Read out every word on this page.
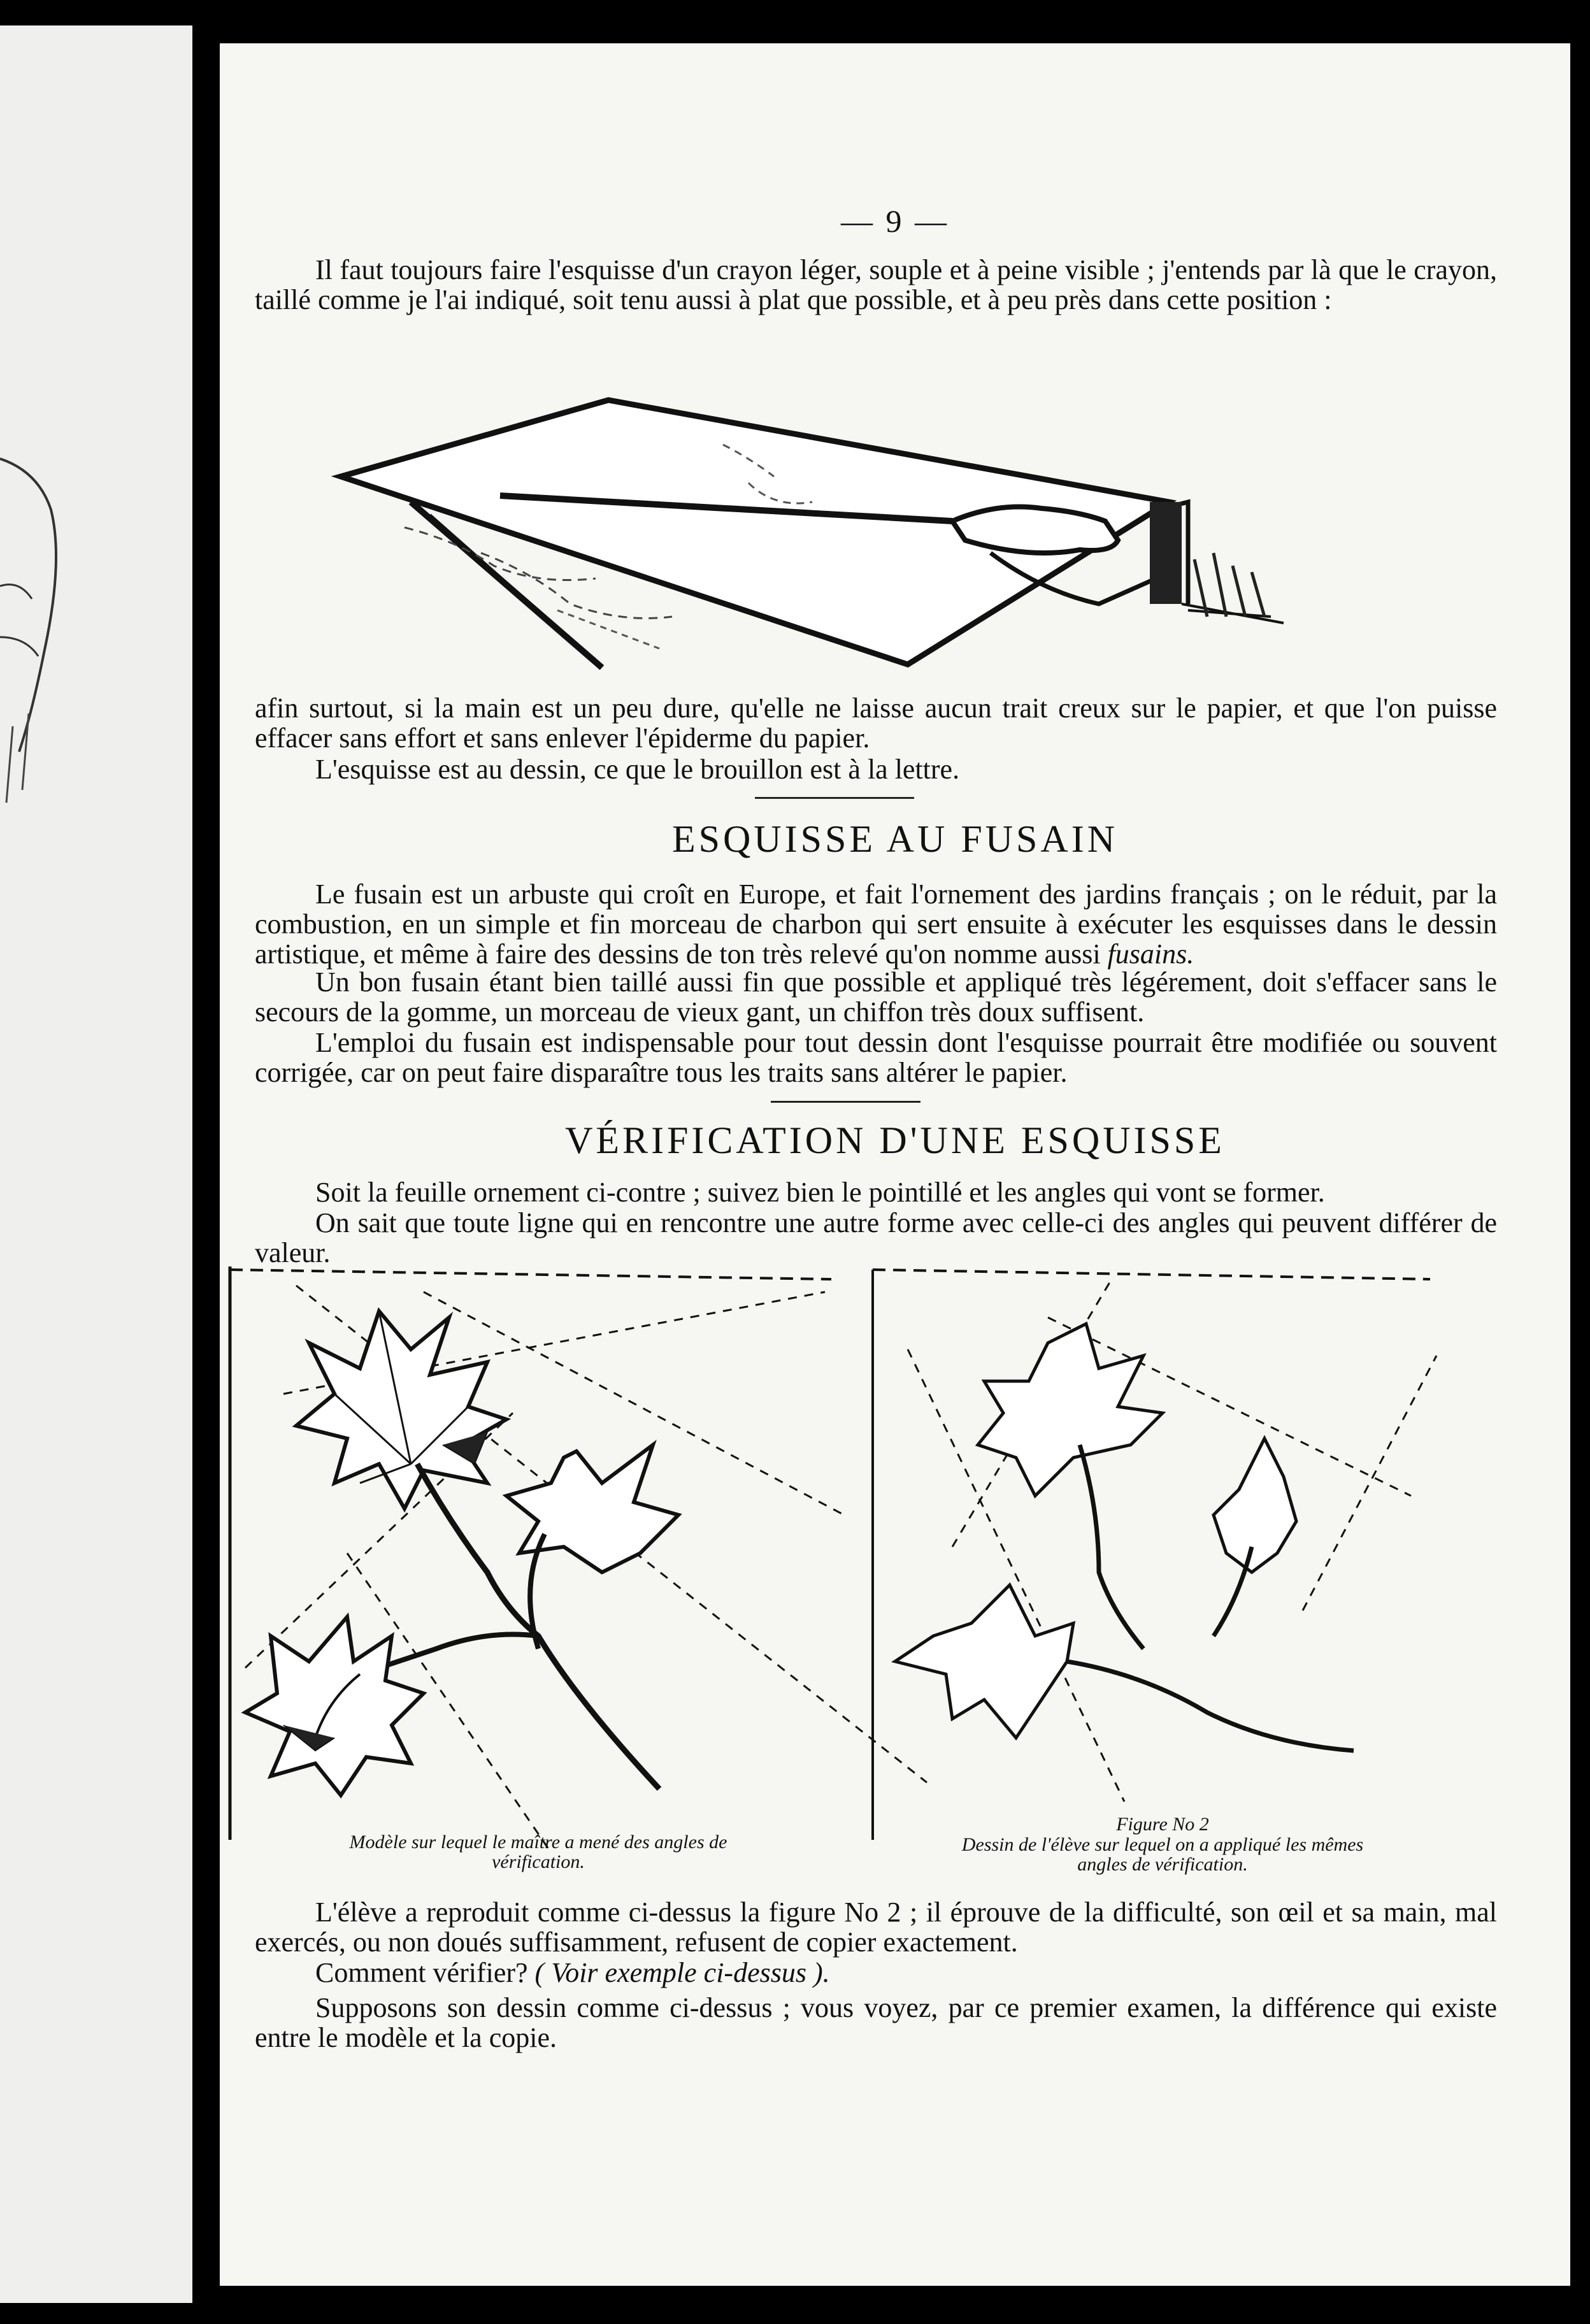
— 9 —
Il faut toujours faire l'esquisse d'un crayon léger, souple et à peine visible ; j'entends par là que le crayon, taillé comme je l'ai indiqué, soit tenu aussi à plat que possible, et à peu près dans cette position :
afin surtout, si la main est un peu dure, qu'elle ne laisse aucun trait creux sur le papier, et que l'on puisse effacer sans effort et sans enlever l'épiderme du papier.
L'esquisse est au dessin, ce que le brouillon est à la lettre.
ESQUISSE AU FUSAIN
Le fusain est un arbuste qui croît en Europe, et fait l'ornement des jardins français ; on le réduit, par la combustion, en un simple et fin morceau de charbon qui sert ensuite à exécuter les esquisses dans le dessin artistique, et même à faire des dessins de ton très relevé qu'on nomme aussi fusains.
Un bon fusain étant bien taillé aussi fin que possible et appliqué très légérement, doit s'effacer sans le secours de la gomme, un morceau de vieux gant, un chiffon très doux suffisent.
L'emploi du fusain est indispensable pour tout dessin dont l'esquisse pourrait être modifiée ou souvent corrigée, car on peut faire disparaître tous les traits sans altérer le papier.
VÉRIFICATION D'UNE ESQUISSE
Soit la feuille ornement ci-contre ; suivez bien le pointillé et les angles qui vont se former.
On sait que toute ligne qui en rencontre une autre forme avec celle-ci des angles qui peuvent différer de valeur.
Modèle sur lequel le maître a mené des angles de vérification.
Figure No 2
Dessin de l'élève sur lequel on a appliqué les mêmes angles de vérification.
L'élève a reproduit comme ci-dessus la figure No 2 ; il éprouve de la difficulté, son œil et sa main, mal exercés, ou non doués suffisamment, refusent de copier exactement.
Comment vérifier? ( Voir exemple ci-dessus ).
Supposons son dessin comme ci-dessus ; vous voyez, par ce premier examen, la différence qui existe entre le modèle et la copie.
